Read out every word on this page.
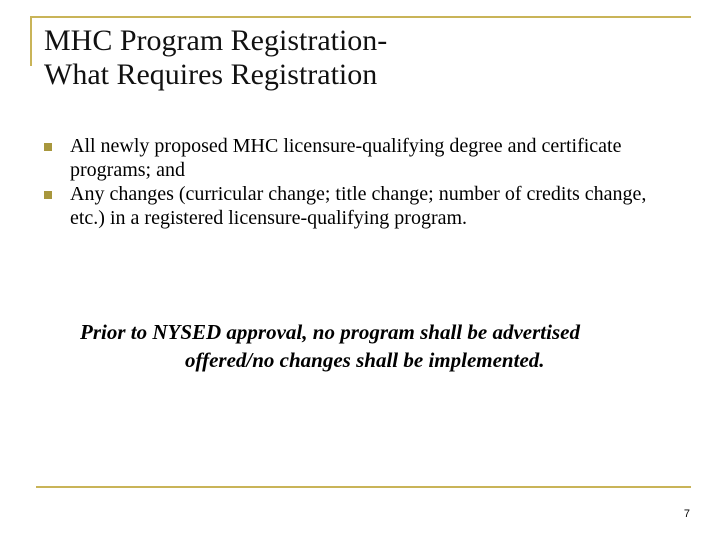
MHC Program Registration-
What Requires Registration
All newly proposed MHC licensure-qualifying degree and certificate programs; and
Any changes (curricular change; title change; number of credits change, etc.) in a registered licensure-qualifying program.
Prior to NYSED approval, no program shall be advertised
offered/no changes shall be implemented.
7
